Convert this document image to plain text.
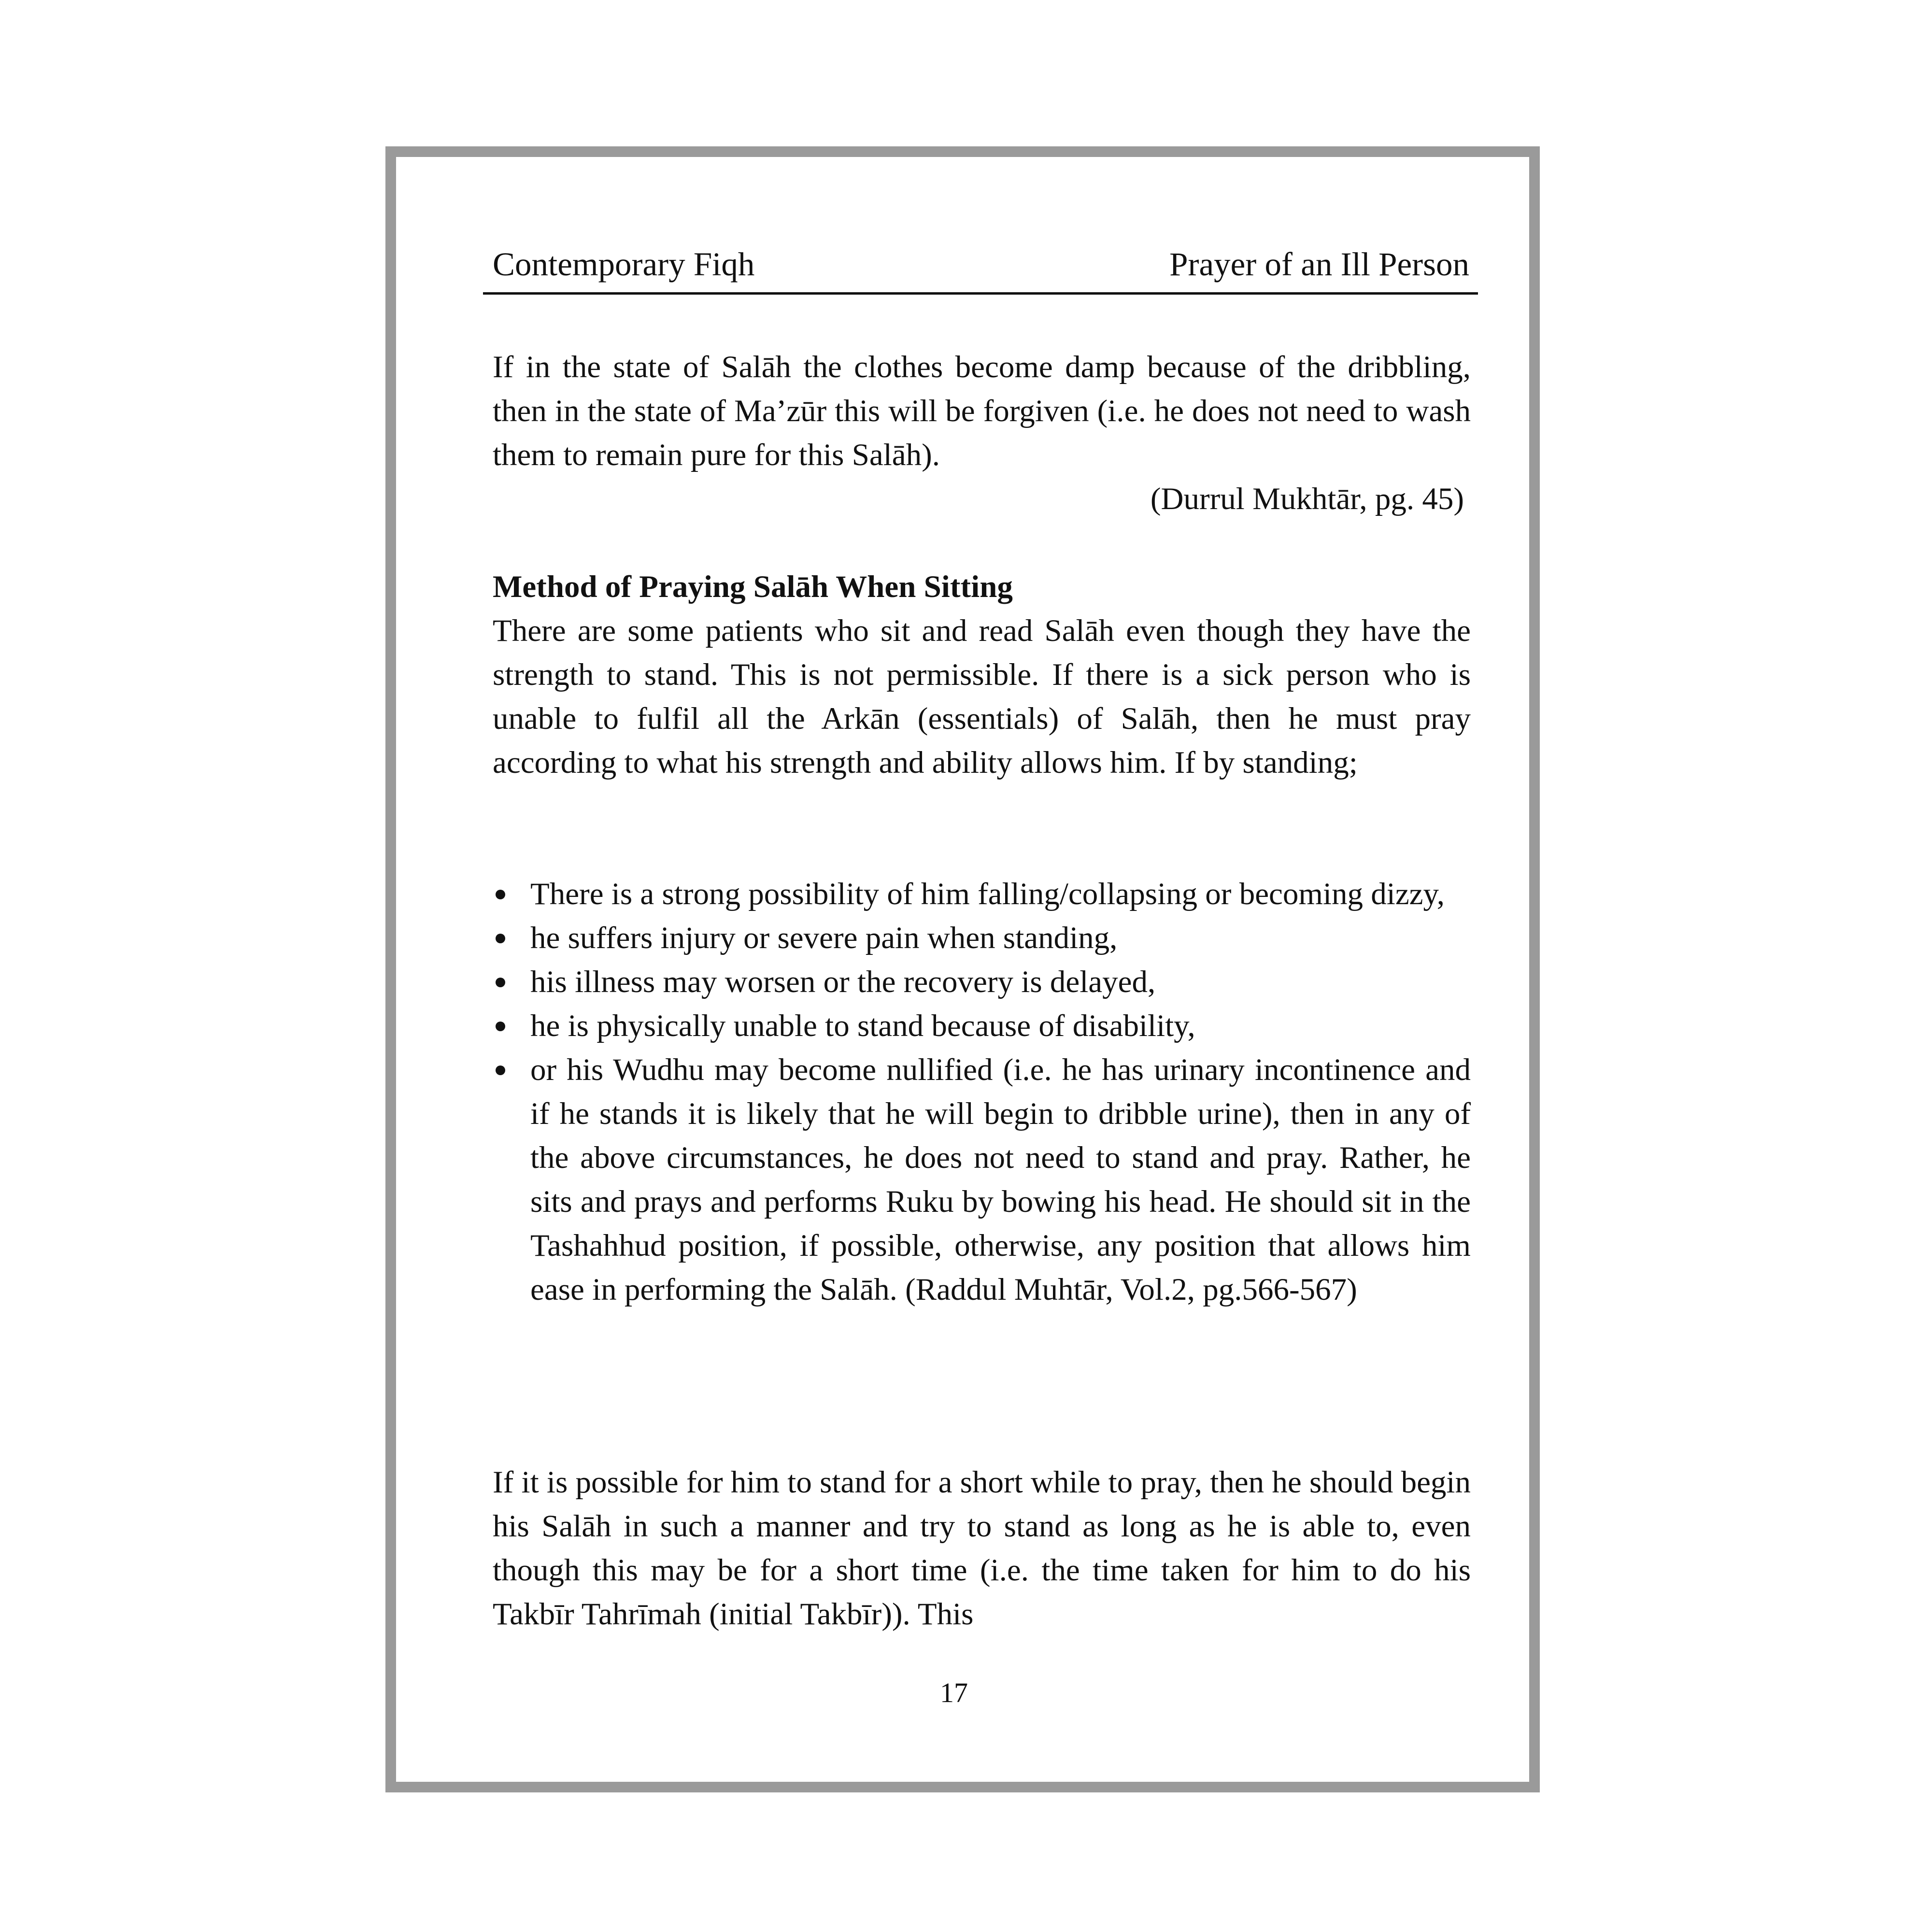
Contemporary Fiqh	Prayer of an Ill Person

If in the state of Salāh the clothes become damp because of the dribbling, then in the state of Ma’zūr this will be forgiven (i.e. he does not need to wash them to remain pure for this Salāh).

(Durrul Mukhtār, pg. 45)
Method of Praying Salāh When Sitting

There are some patients who sit and read Salāh even though they have the strength to stand. This is not permissible. If there is a sick person who is unable to fulfil all the Arkān (essentials) of Salāh, then he must pray according to what his strength and ability allows him. If by standing;

There is a strong possibility of him falling/collapsing or becoming dizzy,
he suffers injury or severe pain when standing,
his illness may worsen or the recovery is delayed,
he is physically unable to stand because of disability,
or his Wudhu may become nullified (i.e. he has urinary incontinence and if he stands it is likely that he will begin to dribble urine), then in any of the above circumstances, he does not need to stand and pray. Rather, he sits and prays and performs Ruku by bowing his head. He should sit in the Tashahhud position, if possible, otherwise, any position that allows him ease in performing the Salāh. (Raddul Muhtār, Vol.2, pg.566-567)

If it is possible for him to stand for a short while to pray, then he should begin his Salāh in such a manner and try to stand as long as he is able to, even though this may be for a short time (i.e. the time taken for him to do his Takbīr Tahrīmah (initial Takbīr)). This

17
